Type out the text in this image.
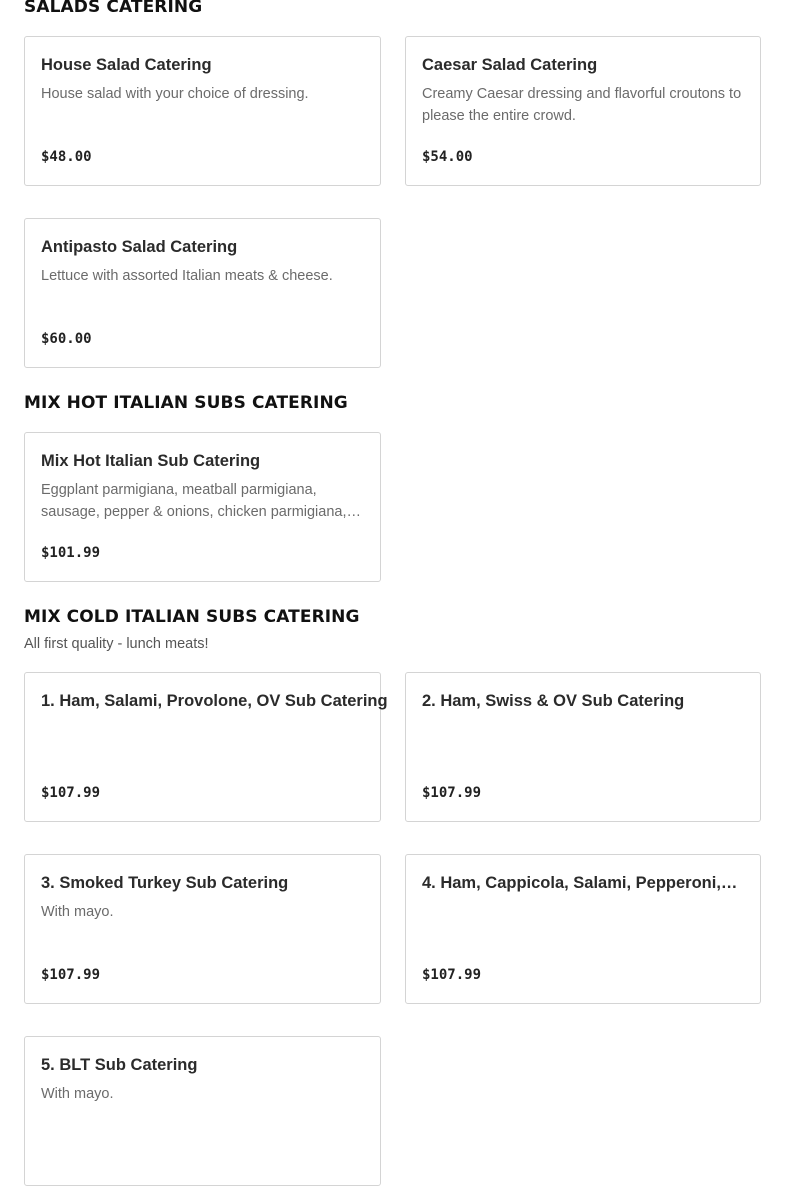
SALADS CATERING
House Salad Catering
House salad with your choice of dressing.
$48.00
Caesar Salad Catering
Creamy Caesar dressing and flavorful croutons to please the entire crowd.
$54.00
Antipasto Salad Catering
Lettuce with assorted Italian meats & cheese.
$60.00
MIX HOT ITALIAN SUBS CATERING
Mix Hot Italian Sub Catering
Eggplant parmigiana, meatball parmigiana, sausage, pepper & onions, chicken parmigiana,…
$101.99
MIX COLD ITALIAN SUBS CATERING
All first quality - lunch meats!
1. Ham, Salami, Provolone, OV Sub Catering
$107.99
2. Ham, Swiss & OV Sub Catering
$107.99
3. Smoked Turkey Sub Catering
With mayo.
$107.99
4. Ham, Cappicola, Salami, Pepperoni,…
$107.99
5. BLT Sub Catering
With mayo.
